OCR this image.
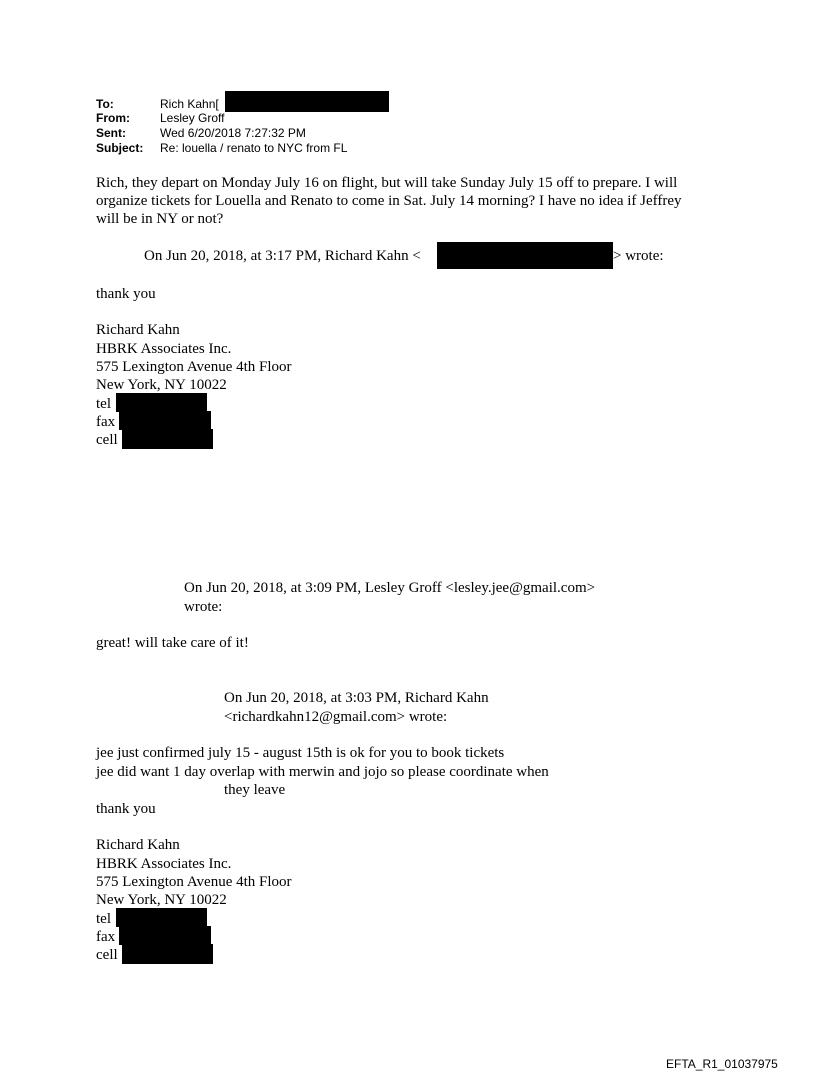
To:	Rich Kahn[
From:	Lesley Groff
Sent:	Wed 6/20/2018 7:27:32 PM
Subject: Re: louella / renato to NYC from FL
Rich, they depart on Monday July 16 on flight, but will take Sunday July 15 off to prepare. I will
organize tickets for Louella and Renato to come in Sat. July 14 morning? I have no idea if Jeffrey
will be in NY or not?
On Jun 20, 2018, at 3:17 PM, Richard Kahn <	> wrote:
thank you
Richard Kahn
HBRK Associates Inc.
575 Lexington Avenue 4th Floor
New York, NY 10022
tel
fax
cell
On Jun 20, 2018, at 3:09 PM, Lesley Groff <lesley.jee@gmail.com>
wrote:
great! will take care of it!
On Jun 20, 2018, at 3:03 PM, Richard Kahn
<richardkahn12@gmail.com> wrote:
jee just confirmed july 15 - august 15th is ok for you to book tickets
jee did want 1 day overlap with merwin and jojo so please coordinate when
they leave
thank you
Richard Kahn
HBRK Associates Inc.
575 Lexington Avenue 4th Floor
New York, NY 10022
tel
fax
cell
EFTA_R1_01037975
